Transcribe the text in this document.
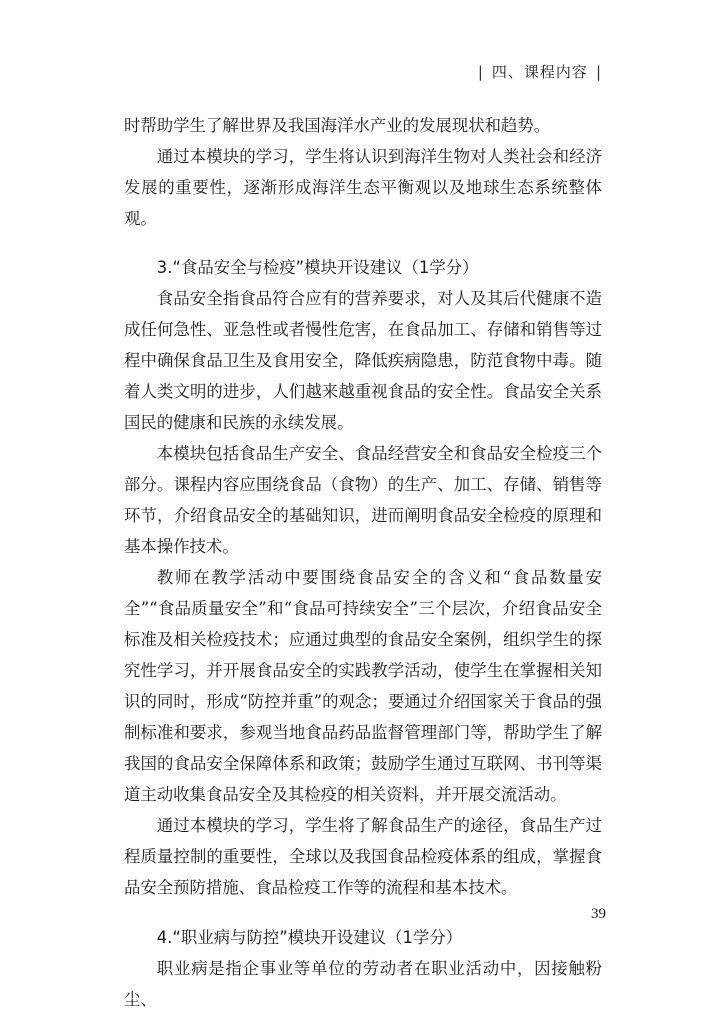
| 四、课程内容 |

时帮助学生了解世界及我国海洋水产业的发展现状和趋势。

通过本模块的学习，学生将认识到海洋生物对人类社会和经济发展的重要性，逐渐形成海洋生态平衡观以及地球生态系统整体观。

3.“食品安全与检疫”模块开设建议（1学分）

食品安全指食品符合应有的营养要求，对人及其后代健康不造成任何急性、亚急性或者慢性危害，在食品加工、存储和销售等过程中确保食品卫生及食用安全，降低疾病隐患，防范食物中毒。随着人类文明的进步，人们越来越重视食品的安全性。食品安全关系国民的健康和民族的永续发展。

本模块包括食品生产安全、食品经营安全和食品安全检疫三个部分。课程内容应围绕食品（食物）的生产、加工、存储、销售等环节，介绍食品安全的基础知识，进而阐明食品安全检疫的原理和基本操作技术。

教师在教学活动中要围绕食品安全的含义和“食品数量安全”“食品质量安全”和“食品可持续安全”三个层次，介绍食品安全标准及相关检疫技术；应通过典型的食品安全案例，组织学生的探究性学习，并开展食品安全的实践教学活动，使学生在掌握相关知识的同时，形成“防控并重”的观念；要通过介绍国家关于食品的强制标准和要求，参观当地食品药品监督管理部门等，帮助学生了解我国的食品安全保障体系和政策；鼓励学生通过互联网、书刊等渠道主动收集食品安全及其检疫的相关资料，并开展交流活动。

通过本模块的学习，学生将了解食品生产的途径，食品生产过程质量控制的重要性，全球以及我国食品检疫体系的组成，掌握食品安全预防措施、食品检疫工作等的流程和基本技术。

4.“职业病与防控”模块开设建议（1学分）

职业病是指企事业等单位的劳动者在职业活动中，因接触粉尘、

39
